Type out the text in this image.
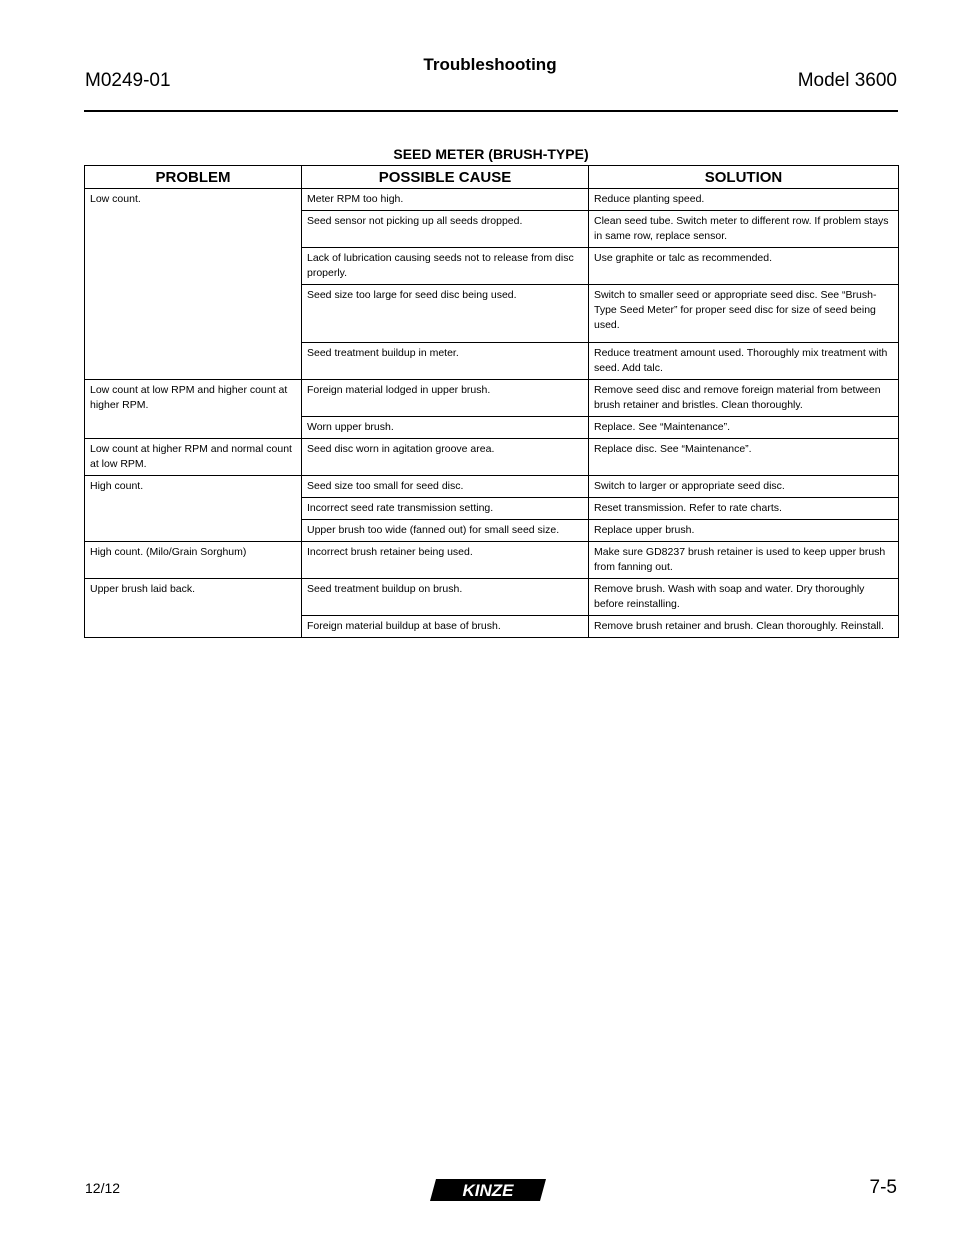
M0249-01
Troubleshooting
Model 3600
SEED METER (BRUSH-TYPE)
PROBLEM	POSSIBLE CAUSE	SOLUTION
Low count.	Meter RPM too high.	Reduce planting speed.
	Seed sensor not picking up all seeds dropped.	Clean seed tube. Switch meter to different row. If problem stays in same row, replace sensor.
	Lack of lubrication causing seeds not to release from disc properly.	Use graphite or talc as recommended.
	Seed size too large for seed disc being used.	Switch to smaller seed or appropriate seed disc. See “Brush-Type Seed Meter” for proper seed disc for size of seed being used.
	Seed treatment buildup in meter.	Reduce treatment amount used. Thoroughly mix treatment with seed. Add talc.
Low count at low RPM and higher count at higher RPM.	Foreign material lodged in upper brush.	Remove seed disc and remove foreign material from between brush retainer and bristles. Clean thoroughly.
	Worn upper brush.	Replace. See “Maintenance”.
Low count at higher RPM and normal count at low RPM.	Seed disc worn in agitation groove area.	Replace disc. See “Maintenance”.
High count.	Seed size too small for seed disc.	Switch to larger or appropriate seed disc.
	Incorrect seed rate transmission setting.	Reset transmission. Refer to rate charts.
	Upper brush too wide (fanned out) for small seed size.	Replace upper brush.
High count. (Milo/Grain Sorghum)	Incorrect brush retainer being used.	Make sure GD8237 brush retainer is used to keep upper brush from fanning out.
Upper brush laid back.	Seed treatment buildup on brush.	Remove brush. Wash with soap and water. Dry thoroughly before reinstalling.
	Foreign material buildup at base of brush.	Remove brush retainer and brush. Clean thoroughly. Reinstall.
12/12	KINZE	7-5
